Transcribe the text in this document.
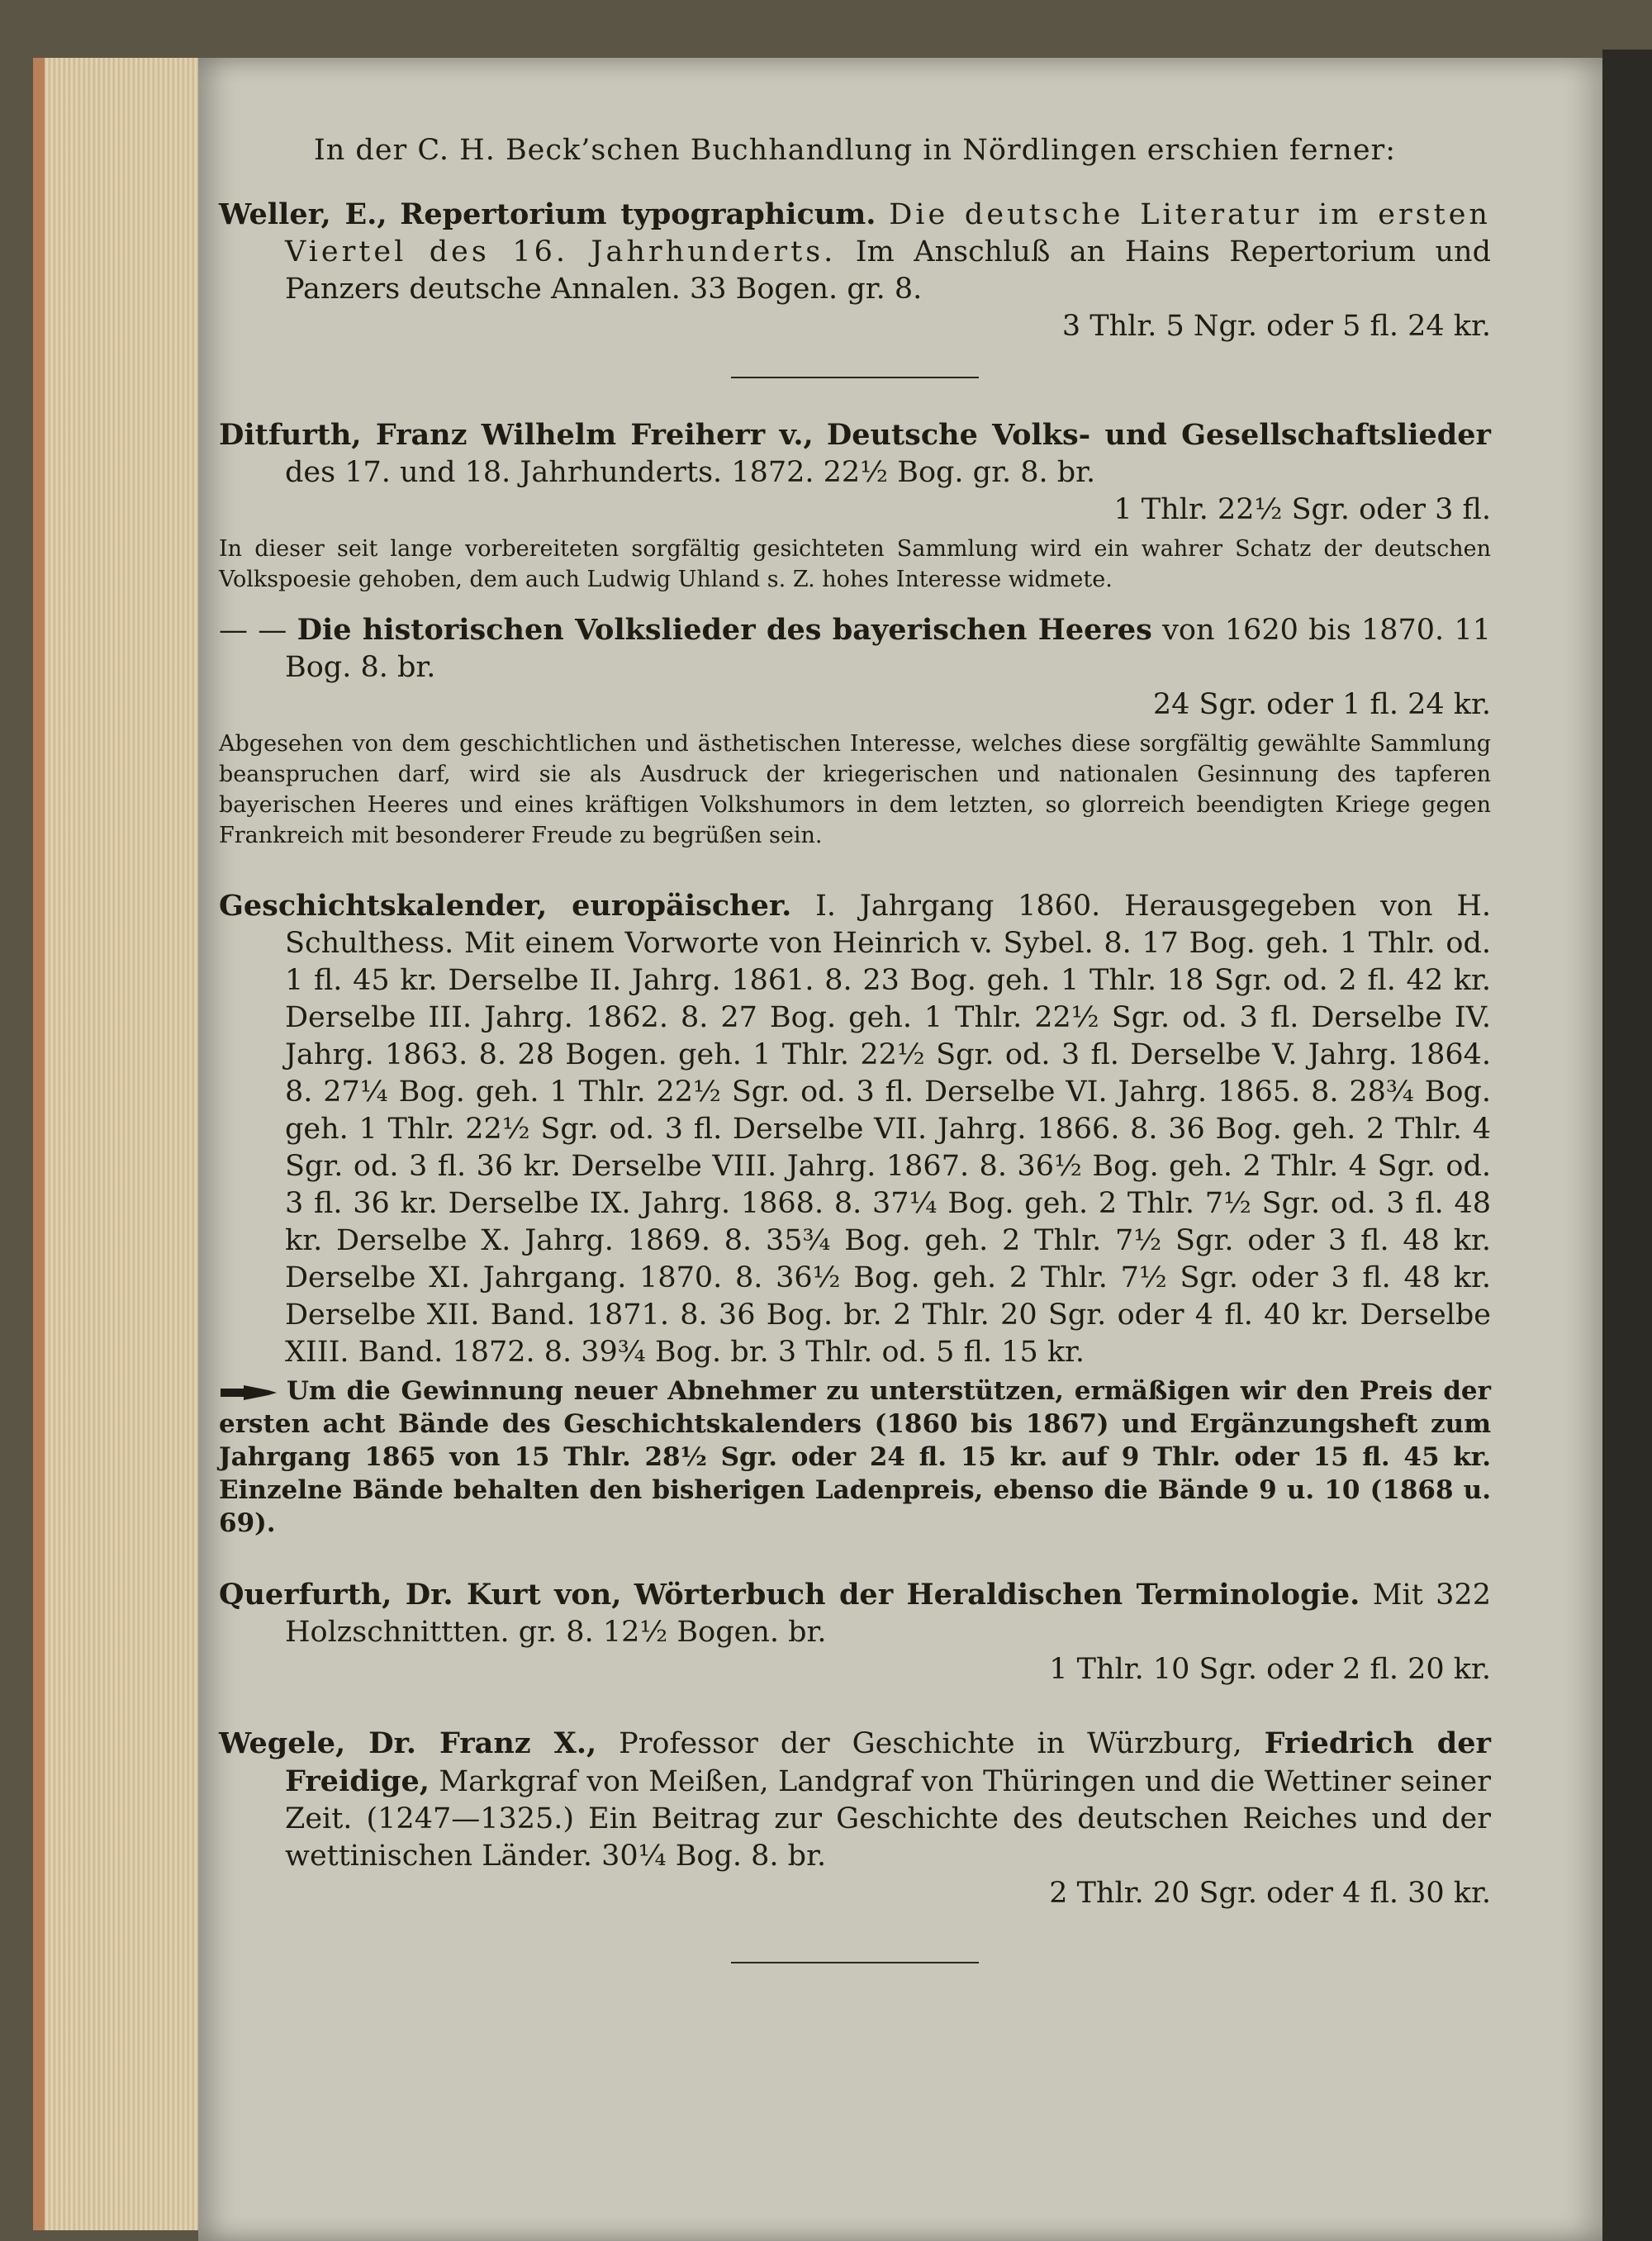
In der C. H. Beck’schen Buchhandlung in Nördlingen erschien ferner:
Weller, E., Repertorium typographicum. Die deutsche Literatur im ersten Viertel des 16. Jahrhunderts. Im Anschluß an Hains Repertorium und Panzers deutsche Annalen. 33 Bogen. gr. 8.
3 Thlr. 5 Ngr. oder 5 fl. 24 kr.
Ditfurth, Franz Wilhelm Freiherr v., Deutsche Volks- und Gesellschaftslieder des 17. und 18. Jahrhunderts. 1872. 22½ Bog. gr. 8. br.
1 Thlr. 22½ Sgr. oder 3 fl.
In dieser seit lange vorbereiteten sorgfältig gesichteten Sammlung wird ein wahrer Schatz der deutschen Volkspoesie gehoben, dem auch Ludwig Uhland s. Z. hohes Interesse widmete.
— — Die historischen Volkslieder des bayerischen Heeres von 1620 bis 1870. 11 Bog. 8. br.
24 Sgr. oder 1 fl. 24 kr.
Abgesehen von dem geschichtlichen und ästhetischen Interesse, welches diese sorgfältig gewählte Sammlung beanspruchen darf, wird sie als Ausdruck der kriegerischen und nationalen Gesinnung des tapferen bayerischen Heeres und eines kräftigen Volkshumors in dem letzten, so glorreich beendigten Kriege gegen Frankreich mit besonderer Freude zu begrüßen sein.
Geschichtskalender, europäischer. I. Jahrgang 1860. Herausgegeben von H. Schulthess. Mit einem Vorworte von Heinrich v. Sybel. 8. 17 Bog. geh. 1 Thlr. od. 1 fl. 45 kr. Derselbe II. Jahrg. 1861. 8. 23 Bog. geh. 1 Thlr. 18 Sgr. od. 2 fl. 42 kr. Derselbe III. Jahrg. 1862. 8. 27 Bog. geh. 1 Thlr. 22½ Sgr. od. 3 fl. Derselbe IV. Jahrg. 1863. 8. 28 Bogen. geh. 1 Thlr. 22½ Sgr. od. 3 fl. Derselbe V. Jahrg. 1864. 8. 27¼ Bog. geh. 1 Thlr. 22½ Sgr. od. 3 fl. Derselbe VI. Jahrg. 1865. 8. 28¾ Bog. geh. 1 Thlr. 22½ Sgr. od. 3 fl. Derselbe VII. Jahrg. 1866. 8. 36 Bog. geh. 2 Thlr. 4 Sgr. od. 3 fl. 36 kr. Derselbe VIII. Jahrg. 1867. 8. 36½ Bog. geh. 2 Thlr. 4 Sgr. od. 3 fl. 36 kr. Derselbe IX. Jahrg. 1868. 8. 37¼ Bog. geh. 2 Thlr. 7½ Sgr. od. 3 fl. 48 kr. Derselbe X. Jahrg. 1869. 8. 35¾ Bog. geh. 2 Thlr. 7½ Sgr. oder 3 fl. 48 kr. Derselbe XI. Jahrgang. 1870. 8. 36½ Bog. geh. 2 Thlr. 7½ Sgr. oder 3 fl. 48 kr. Derselbe XII. Band. 1871. 8. 36 Bog. br. 2 Thlr. 20 Sgr. oder 4 fl. 40 kr. Derselbe XIII. Band. 1872. 8. 39¾ Bog. br. 3 Thlr. od. 5 fl. 15 kr.
Um die Gewinnung neuer Abnehmer zu unterstützen, ermäßigen wir den Preis der ersten acht Bände des Geschichtskalenders (1860 bis 1867) und Ergänzungsheft zum Jahrgang 1865 von 15 Thlr. 28½ Sgr. oder 24 fl. 15 kr. auf 9 Thlr. oder 15 fl. 45 kr. Einzelne Bände behalten den bisherigen Ladenpreis, ebenso die Bände 9 u. 10 (1868 u. 69).
Querfurth, Dr. Kurt von, Wörterbuch der Heraldischen Terminologie. Mit 322 Holzschnittten. gr. 8. 12½ Bogen. br.
1 Thlr. 10 Sgr. oder 2 fl. 20 kr.
Wegele, Dr. Franz X., Professor der Geschichte in Würzburg, Friedrich der Freidige, Markgraf von Meißen, Landgraf von Thüringen und die Wettiner seiner Zeit. (1247—1325.) Ein Beitrag zur Geschichte des deutschen Reiches und der wettinischen Länder. 30¼ Bog. 8. br.
2 Thlr. 20 Sgr. oder 4 fl. 30 kr.
